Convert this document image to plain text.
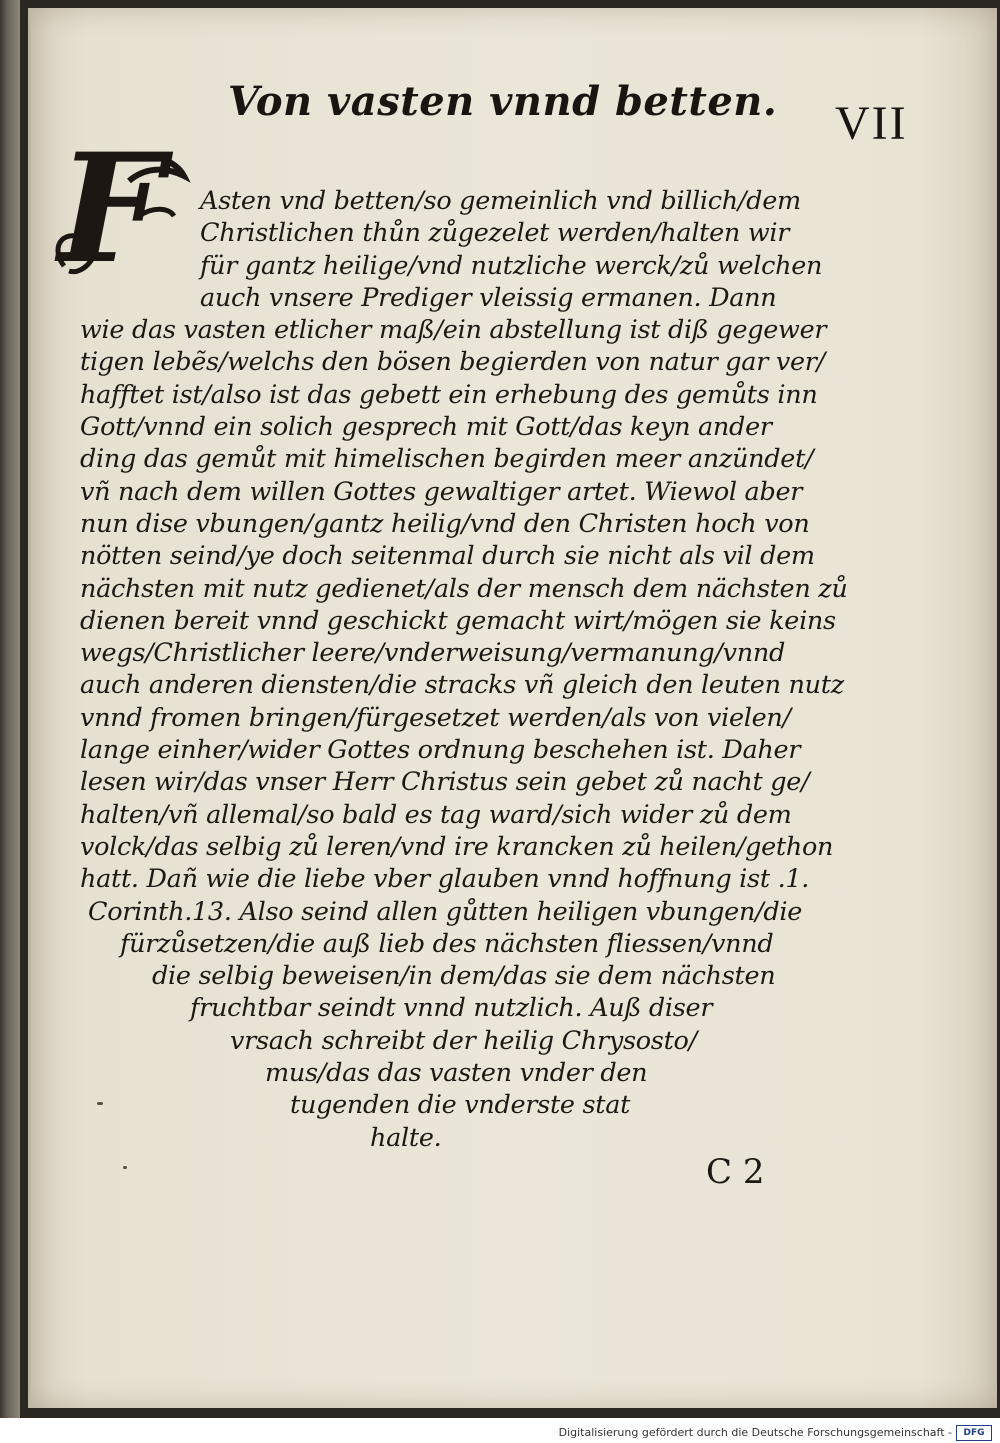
Von vasten vnnd betten. VII
F	Asten vnd betten/so gemeinlich vnd billich/dem
Christlichen thůn zůgezelet werden/halten wir
für gantz heilige/vnd nutzliche werck/zů welchen
auch vnsere Prediger vleissig ermanen. Dann
wie das vasten etlicher maß/ein abstellung ist diß gegewer
tigen lebẽs/welchs den bösen begierden von natur gar ver/
hafftet ist/also ist das gebett ein erhebung des gemůts inn
Gott/vnnd ein solich gesprech mit Gott/das keyn ander
ding das gemůt mit himelischen begirden meer anzündet/
vñ nach dem willen Gottes gewaltiger artet. Wiewol aber
nun dise vbungen/gantz heilig/vnd den Christen hoch von
nötten seind/ye doch seitenmal durch sie nicht als vil dem
nächsten mit nutz gedienet/als der mensch dem nächsten zů
dienen bereit vnnd geschickt gemacht wirt/mögen sie keins
wegs/Christlicher leere/vnderweisung/vermanung/vnnd
auch anderen diensten/die stracks vñ gleich den leuten nutz
vnnd fromen bringen/fürgesetzet werden/als von vielen/
lange einher/wider Gottes ordnung beschehen ist. Daher
lesen wir/das vnser Herr Christus sein gebet zů nacht ge/
halten/vñ allemal/so bald es tag ward/sich wider zů dem
volck/das selbig zů leren/vnd ire krancken zů heilen/gethon
hatt. Dañ wie die liebe vber glauben vnnd hoffnung ist .1.
Corinth.13. Also seind allen gůtten heiligen vbungen/die
fürzůsetzen/die auß lieb des nächsten fliessen/vnnd
die selbig beweisen/in dem/das sie dem nächsten
fruchtbar seindt vnnd nutzlich. Auß diser
vrsach schreibt der heilig Chrysosto/
mus/das das vasten vnder den
tugenden die vnderste stat
halte.
C 2
Digitalisierung gefördert durch die Deutsche Forschungsgemeinschaft -	DFG
